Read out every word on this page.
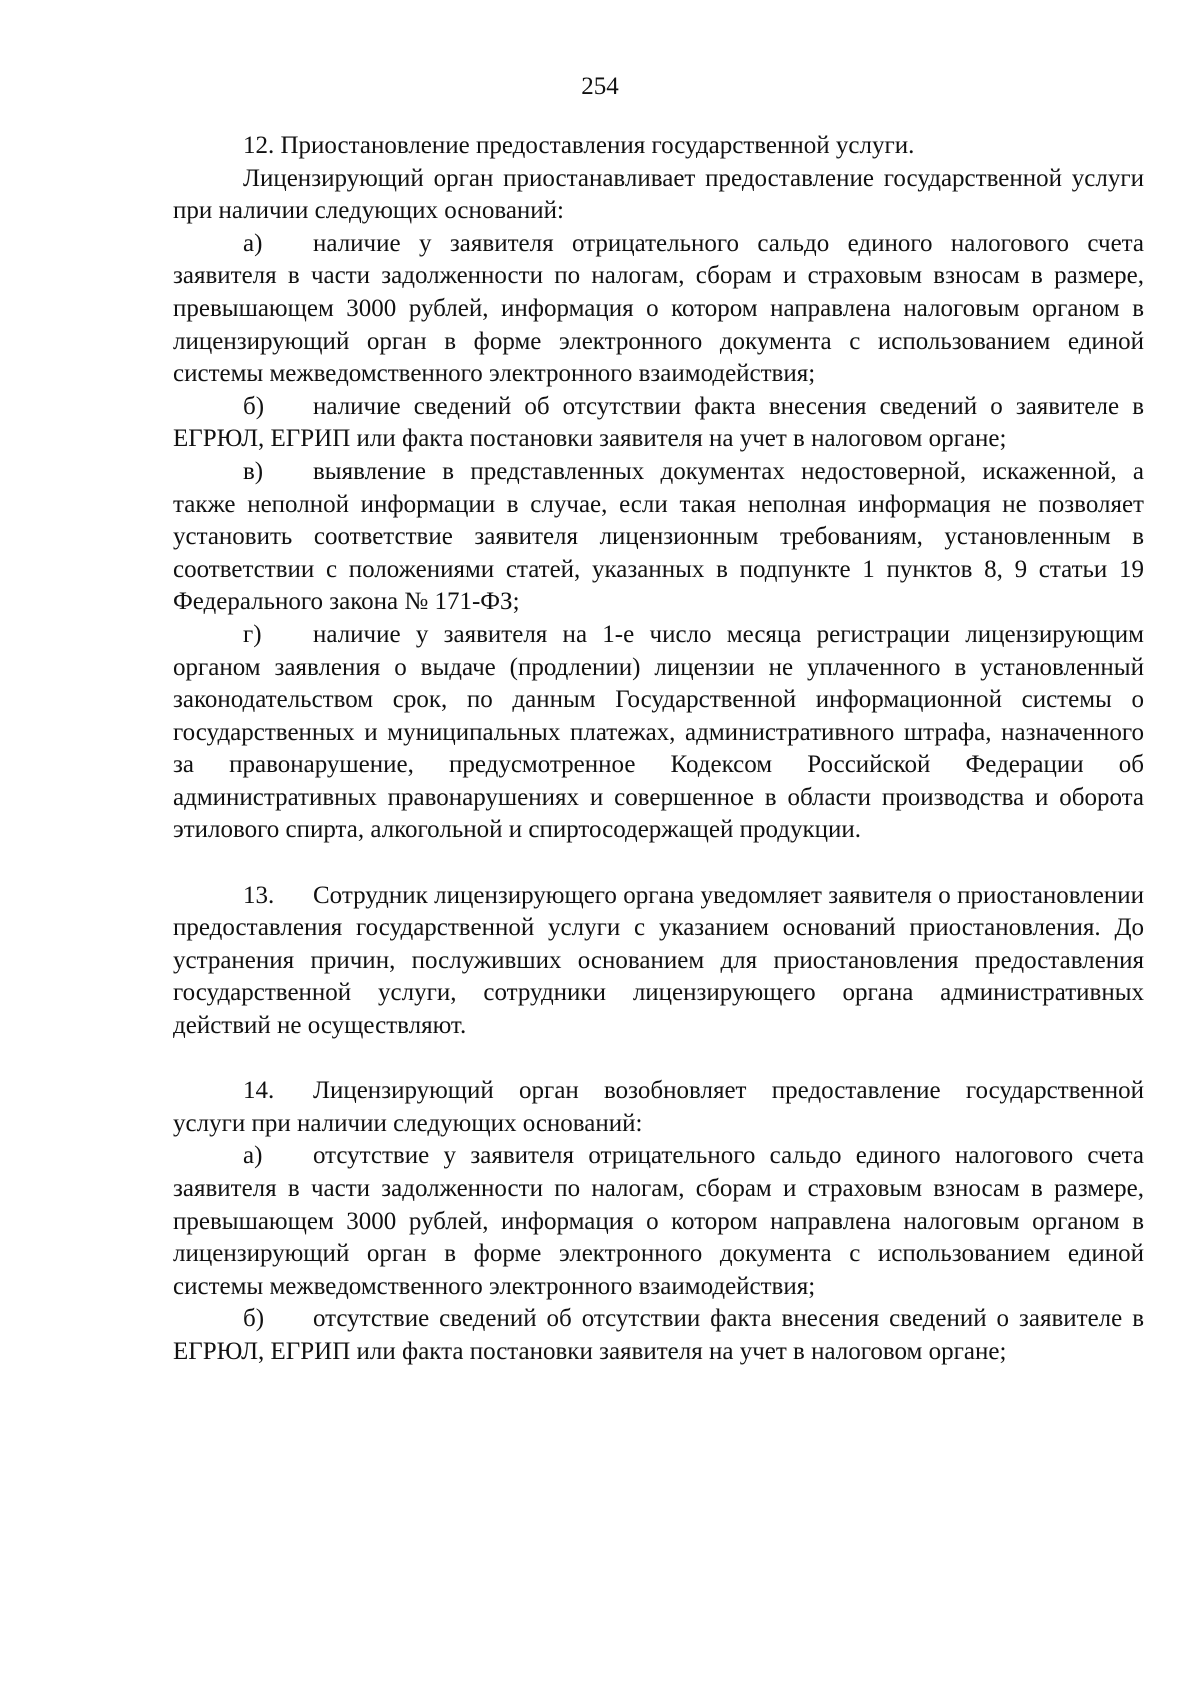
254

12. Приостановление предоставления государственной услуги.

Лицензирующий орган приостанавливает предоставление государственной услуги при наличии следующих оснований:

а) наличие у заявителя отрицательного сальдо единого налогового счета заявителя в части задолженности по налогам, сборам и страховым взносам в размере, превышающем 3000 рублей, информация о котором направлена налоговым органом в лицензирующий орган в форме электронного документа с использованием единой системы межведомственного электронного взаимодействия;

б) наличие сведений об отсутствии факта внесения сведений о заявителе в ЕГРЮЛ, ЕГРИП или факта постановки заявителя на учет в налоговом органе;

в) выявление в представленных документах недостоверной, искаженной, а также неполной информации в случае, если такая неполная информация не позволяет установить соответствие заявителя лицензионным требованиям, установленным в соответствии с положениями статей, указанных в подпункте 1 пунктов 8, 9 статьи 19 Федерального закона № 171-ФЗ;

г) наличие у заявителя на 1-е число месяца регистрации лицензирующим органом заявления о выдаче (продлении) лицензии не уплаченного в установленный законодательством срок, по данным Государственной информационной системы о государственных и муниципальных платежах, административного штрафа, назначенного за правонарушение, предусмотренное Кодексом Российской Федерации об административных правонарушениях и совершенное в области производства и оборота этилового спирта, алкогольной и спиртосодержащей продукции.

13. Сотрудник лицензирующего органа уведомляет заявителя о приостановлении предоставления государственной услуги с указанием оснований приостановления. До устранения причин, послуживших основанием для приостановления предоставления государственной услуги, сотрудники лицензирующего органа административных действий не осуществляют.

14. Лицензирующий орган возобновляет предоставление государственной услуги при наличии следующих оснований:

а) отсутствие у заявителя отрицательного сальдо единого налогового счета заявителя в части задолженности по налогам, сборам и страховым взносам в размере, превышающем 3000 рублей, информация о котором направлена налоговым органом в лицензирующий орган в форме электронного документа с использованием единой системы межведомственного электронного взаимодействия;

б) отсутствие сведений об отсутствии факта внесения сведений о заявителе в ЕГРЮЛ, ЕГРИП или факта постановки заявителя на учет в налоговом органе;
